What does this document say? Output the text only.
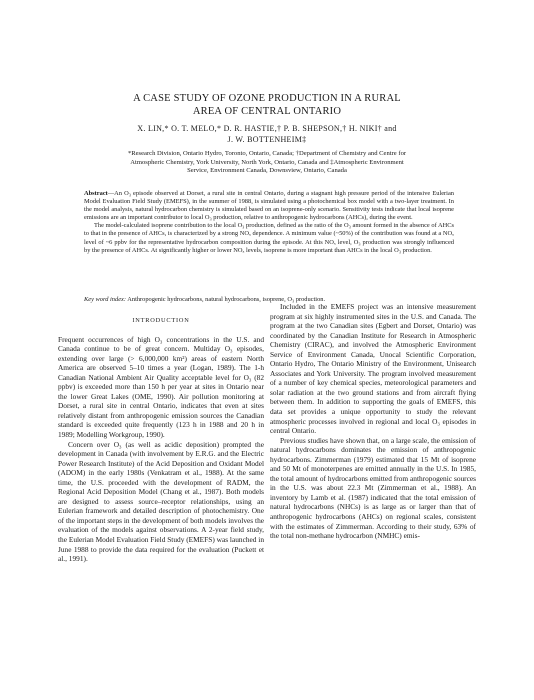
A CASE STUDY OF OZONE PRODUCTION IN A RURAL
AREA OF CENTRAL ONTARIO
X. LIN,* O. T. MELO,* D. R. HASTIE,† P. B. SHEPSON,† H. NIKI† and
J. W. BOTTENHEIM‡
*Research Division, Ontario Hydro, Toronto, Ontario, Canada; †Department of Chemistry and Centre for
Atmospheric Chemistry, York University, North York, Ontario, Canada and ‡Atmospheric Environment
Service, Environment Canada, Downsview, Ontario, Canada

Abstract—An O₃ episode observed at Dorset, a rural site in central Ontario, during a stagnant high pressure period of the intensive Eulerian Model Evaluation Field Study (EMEFS), in the summer of 1988, is simulated using a photochemical box model with a two-layer treatment. In the model analysis, natural hydrocarbon chemistry is simulated based on an isoprene-only scenario. Sensitivity tests indicate that local isoprene emissions are an important contributor to local O₃ production, relative to anthropogenic hydrocarbons (AHCs), during the event.

The model-calculated isoprene contribution to the local O₃ production, defined as the ratio of the O₃ amount formed in the absence of AHCs to that in the presence of AHCs, is characterized by a strong NOₓ dependence. A minimum value (~50%) of the contribution was found at a NOₓ level of ~6 ppbv for the representative hydrocarbon composition during the episode. At this NOₓ level, O₃ production was strongly influenced by the presence of AHCs. At significantly higher or lower NOₓ levels, isoprene is more important than AHCs in the local O₃ production.

Key word index: Anthropogenic hydrocarbons, natural hydrocarbons, isoprene, O₃ production.
INTRODUCTION

Frequent occurrences of high O₃ concentrations in the U.S. and Canada continue to be of great concern. Multiday O₃ episodes, extending over large (> 6,000,000 km²) areas of eastern North America are observed 5–10 times a year (Logan, 1989). The 1-h Canadian National Ambient Air Quality acceptable level for O₃ (82 ppbv) is exceeded more than 150 h per year at sites in Ontario near the lower Great Lakes (OME, 1990). Air pollution monitoring at Dorset, a rural site in central Ontario, indicates that even at sites relatively distant from anthropogenic emission sources the Canadian standard is exceeded quite frequently (123 h in 1988 and 20 h in 1989; Modelling Workgroup, 1990).

Concern over O₃ (as well as acidic deposition) prompted the development in Canada (with involvement by E.R.G. and the Electric Power Research Institute) of the Acid Deposition and Oxidant Model (ADOM) in the early 1980s (Venkatram et al., 1988). At the same time, the U.S. proceeded with the development of RADM, the Regional Acid Deposition Model (Chang et al., 1987). Both models are designed to assess source–receptor relationships, using an Eulerian framework and detailed description of photochemistry. One of the important steps in the development of both models involves the evaluation of the models against observations. A 2-year field study, the Eulerian Model Evaluation Field Study (EMEFS) was launched in June 1988 to provide the data required for the evaluation (Puckett et al., 1991).

Included in the EMEFS project was an intensive measurement program at six highly instrumented sites in the U.S. and Canada. The program at the two Canadian sites (Egbert and Dorset, Ontario) was coordinated by the Canadian Institute for Research in Atmospheric Chemistry (CIRAC), and involved the Atmospheric Environment Service of Environment Canada, Unocal Scientific Corporation, Ontario Hydro, The Ontario Ministry of the Environment, Unisearch Associates and York University. The program involved measurement of a number of key chemical species, meteorological parameters and solar radiation at the two ground stations and from aircraft flying between them. In addition to supporting the goals of EMEFS, this data set provides a unique opportunity to study the relevant atmospheric processes involved in regional and local O₃ episodes in central Ontario.

Previous studies have shown that, on a large scale, the emission of natural hydrocarbons dominates the emission of anthropogenic hydrocarbons. Zimmerman (1979) estimated that 15 Mt of isoprene and 50 Mt of monoterpenes are emitted annually in the U.S. In 1985, the total amount of hydrocarbons emitted from anthropogenic sources in the U.S. was about 22.3 Mt (Zimmerman et al., 1988). An inventory by Lamb et al. (1987) indicated that the total emission of natural hydrocarbons (NHCs) is as large as or larger than that of anthropogenic hydrocarbons (AHCs) on regional scales, consistent with the estimates of Zimmerman. According to their study, 63% of the total non-methane hydrocarbon (NMHC) emis-
